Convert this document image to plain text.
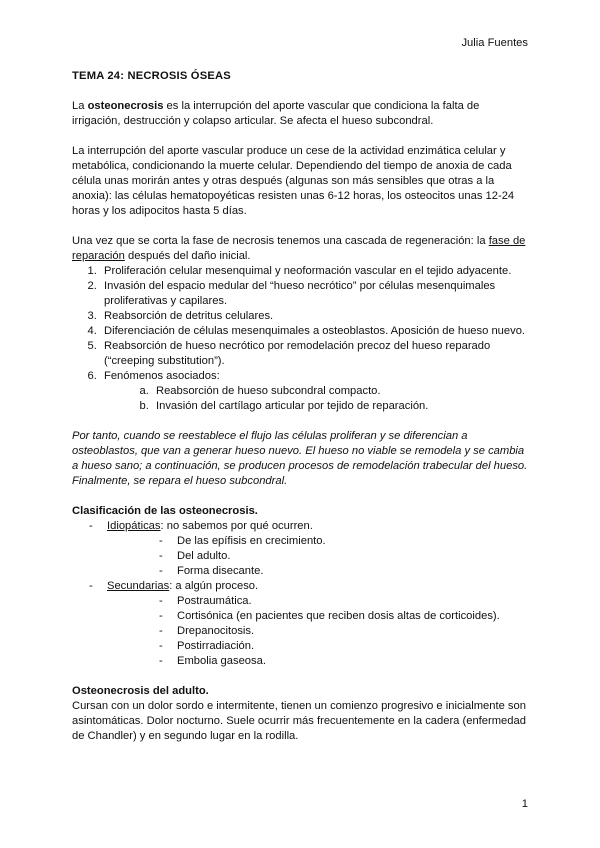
Julia Fuentes
TEMA 24: NECROSIS ÓSEAS

La osteonecrosis es la interrupción del aporte vascular que condiciona la falta de irrigación, destrucción y colapso articular. Se afecta el hueso subcondral.

La interrupción del aporte vascular produce un cese de la actividad enzimática celular y metabólica, condicionando la muerte celular. Dependiendo del tiempo de anoxia de cada célula unas morirán antes y otras después (algunas son más sensibles que otras a la anoxia): las células hematopoyéticas resisten unas 6-12 horas, los osteocitos unas 12-24 horas y los adipocitos hasta 5 días.

Una vez que se corta la fase de necrosis tenemos una cascada de regeneración: la fase de reparación después del daño inicial.

1. Proliferación celular mesenquimal y neoformación vascular en el tejido adyacente.
2. Invasión del espacio medular del “hueso necrótico” por células mesenquimales proliferativas y capilares.
3. Reabsorción de detritus celulares.
4. Diferenciación de células mesenquimales a osteoblastos. Aposición de hueso nuevo.
5. Reabsorción de hueso necrótico por remodelación precoz del hueso reparado (“creeping substitution”).
6. Fenómenos asociados:
a. Reabsorción de hueso subcondral compacto.
b. Invasión del cartílago articular por tejido de reparación.

Por tanto, cuando se reestablece el flujo las células proliferan y se diferencian a osteoblastos, que van a generar hueso nuevo. El hueso no viable se remodela y se cambia a hueso sano; a continuación, se producen procesos de remodelación trabecular del hueso. Finalmente, se repara el hueso subcondral.

Clasificación de las osteonecrosis.
- Idiopáticas: no sabemos por qué ocurren.
- De las epífisis en crecimiento.
- Del adulto.
- Forma disecante.
- Secundarias: a algún proceso.
- Postraumática.
- Cortisónica (en pacientes que reciben dosis altas de corticoides).
- Drepanocitosis.
- Postirradiación.
- Embolia gaseosa.
Osteonecrosis del adulto.

Cursan con un dolor sordo e intermitente, tienen un comienzo progresivo e inicialmente son asintomáticas. Dolor nocturno. Suele ocurrir más frecuentemente en la cadera (enfermedad de Chandler) y en segundo lugar en la rodilla.

1
